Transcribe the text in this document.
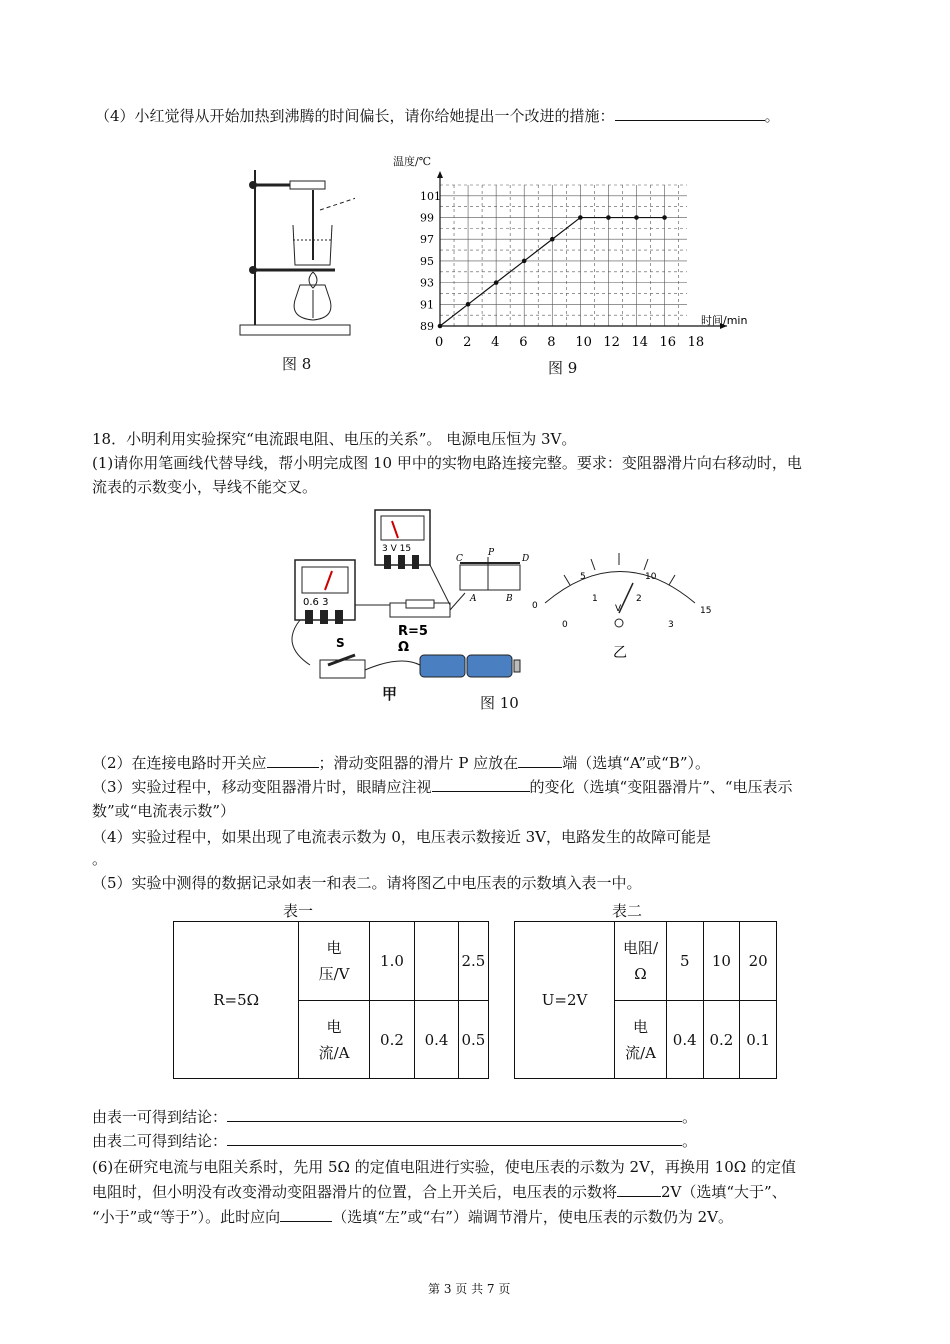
（4）小红觉得从开始加热到沸腾的时间偏长，请你给她提出一个改进的措施：	。
图 8
温度/℃
0 2 4 6 8 10 12 14 16 18
101
99
97
95
93
91
89	时间/min
图 9
18．小明利用实验探究“电流跟电阻、电压的关系”。 电源电压恒为 3V。
(1)请你用笔画线代替导线，帮小明完成图 10 甲中的实物电路连接完整。要求：变阻器滑片向右移动时，电
流表的示数变小，导线不能交叉。
0.6 3
3 V 15
R=5
Ω
C
P
D
A	B
S
0
5	10
15
0
1	2
3
V
乙
甲	图 10
（2）在连接电路时开关应	；滑动变阻器的滑片 P 应放在	端（选填“A”或“B”）。
（3）实验过程中，移动变阻器滑片时，眼睛应注视	的变化（选填“变阻器滑片”、“电压表示
数”或“电流表示数”）
（4）实验过程中，如果出现了电流表示数为 0，电压表示数接近 3V，电路发生的故障可能是
。
（5）实验中测得的数据记录如表一和表二。请将图乙中电压表的示数填入表一中。
表一	表二
R=5Ω	电压/V	1.0		2.5
	电流/A	0.2	0.4	0.5
U=2V	电阻/Ω	5	10	20
	电流/A	0.4	0.2	0.1
由表一可得到结论：	。
由表二可得到结论：	。
(6)在研究电流与电阻关系时，先用 5Ω 的定值电阻进行实验，使电压表的示数为 2V，再换用 10Ω 的定值
电阻时，但小明没有改变滑动变阻器滑片的位置，合上开关后，电压表的示数将	2V（选填“大于”、
“小于”或“等于”）。此时应向	（选填“左”或“右”）端调节滑片，使电压表的示数仍为 2V。
第 3 页 共 7 页
